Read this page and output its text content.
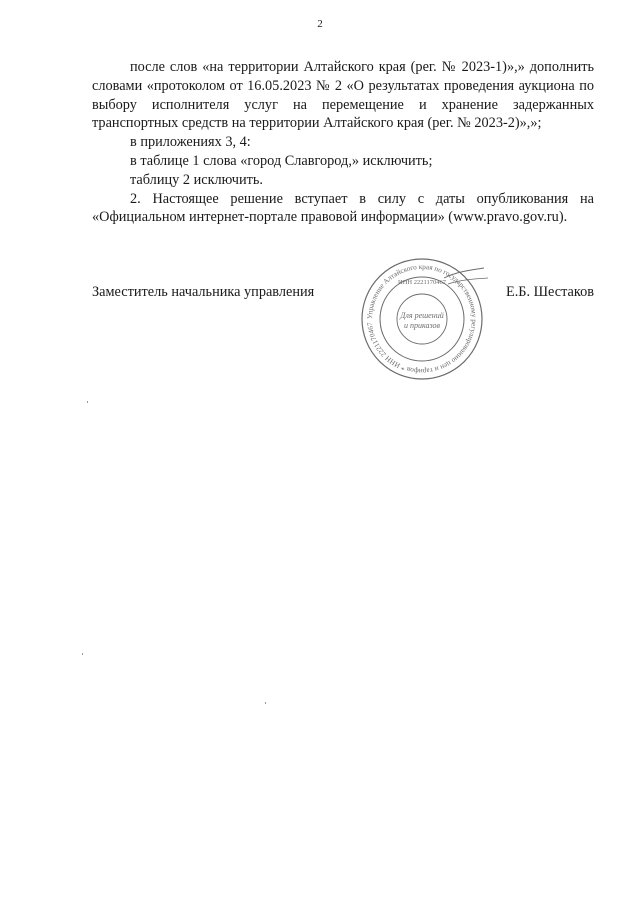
2

после слов «на территории Алтайского края (рег. № 2023-1)»,» дополнить словами «протоколом от 16.05.2023 № 2 «О результатах проведения аукциона по выбору исполнителя услуг на перемещение и хранение задержанных транспортных средств на территории Алтайского края (рег. № 2023-2)»,»;

в приложениях 3, 4:

в таблице 1 слова «город Славгород,» исключить;

таблицу 2 исключить.

2. Настоящее решение вступает в силу с даты опубликования на «Официальном интернет-портале правовой информации» (www.pravo.gov.ru).

Заместитель начальника управления	Е.Б. Шестаков
Управление Алтайского края по государственному регулированию цен и тарифов * ИНН 2221170467
ИНН 2221170467
Для решений
и приказов
